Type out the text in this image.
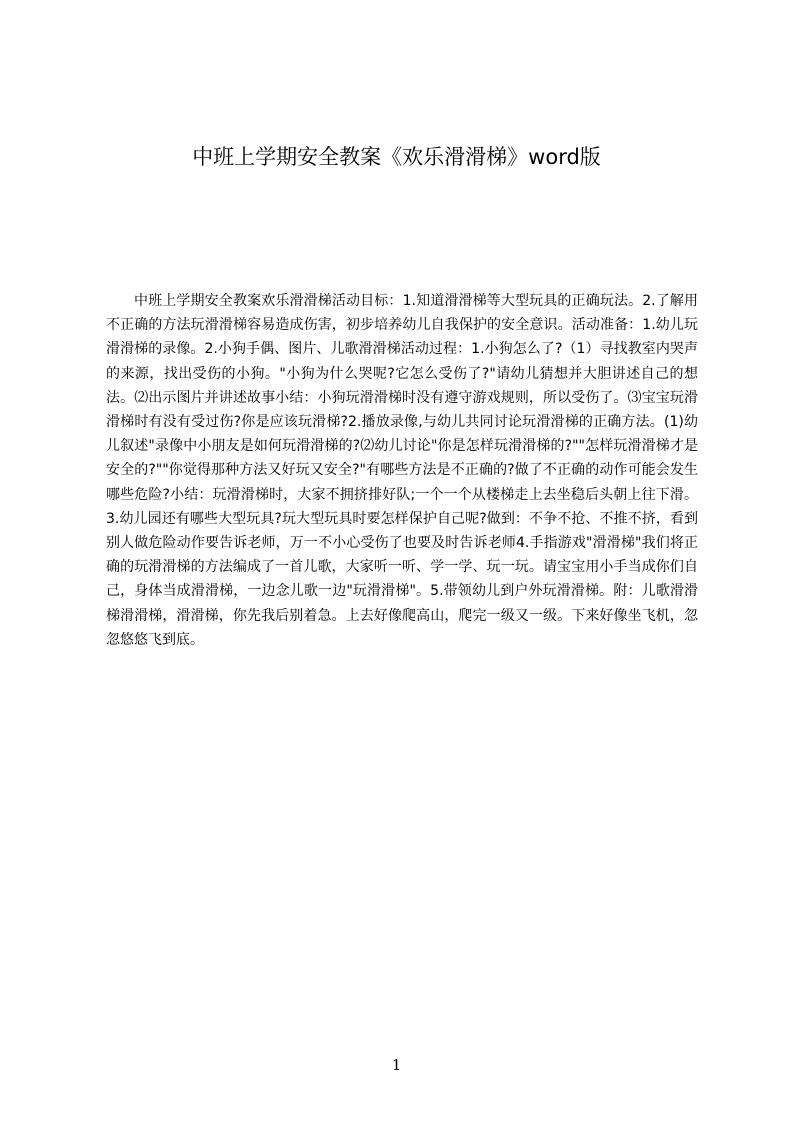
中班上学期安全教案《欢乐滑滑梯》word版

中班上学期安全教案欢乐滑滑梯活动目标：1.知道滑滑梯等大型玩具的正确玩法。2.了解用不正确的方法玩滑滑梯容易造成伤害，初步培养幼儿自我保护的安全意识。活动准备：1.幼儿玩滑滑梯的录像。2.小狗手偶、图片、儿歌滑滑梯活动过程：1.小狗怎么了?（1）寻找教室内哭声的来源，找出受伤的小狗。"小狗为什么哭呢?它怎么受伤了?"请幼儿猜想并大胆讲述自己的想法。⑵出示图片并讲述故事小结：小狗玩滑滑梯时没有遵守游戏规则，所以受伤了。⑶宝宝玩滑滑梯时有没有受过伤?你是应该玩滑梯?2.播放录像,与幼儿共同讨论玩滑滑梯的正确方法。(1)幼儿叙述"录像中小朋友是如何玩滑滑梯的?⑵幼儿讨论"你是怎样玩滑滑梯的?""怎样玩滑滑梯才是安全的?""你觉得那种方法又好玩又安全?"有哪些方法是不正确的?做了不正确的动作可能会发生哪些危险?小结：玩滑滑梯时，大家不拥挤排好队;一个一个从楼梯走上去坐稳后头朝上往下滑。3.幼儿园还有哪些大型玩具?玩大型玩具时要怎样保护自己呢?做到：不争不抢、不推不挤，看到别人做危险动作要告诉老师，万一不小心受伤了也要及时告诉老师4.手指游戏"滑滑梯"我们将正确的玩滑滑梯的方法编成了一首儿歌，大家听一听、学一学、玩一玩。请宝宝用小手当成你们自己，身体当成滑滑梯，一边念儿歌一边"玩滑滑梯"。5.带领幼儿到户外玩滑滑梯。附：儿歌滑滑梯滑滑梯，滑滑梯，你先我后别着急。上去好像爬高山，爬完一级又一级。下来好像坐飞机，忽忽悠悠飞到底。

1
